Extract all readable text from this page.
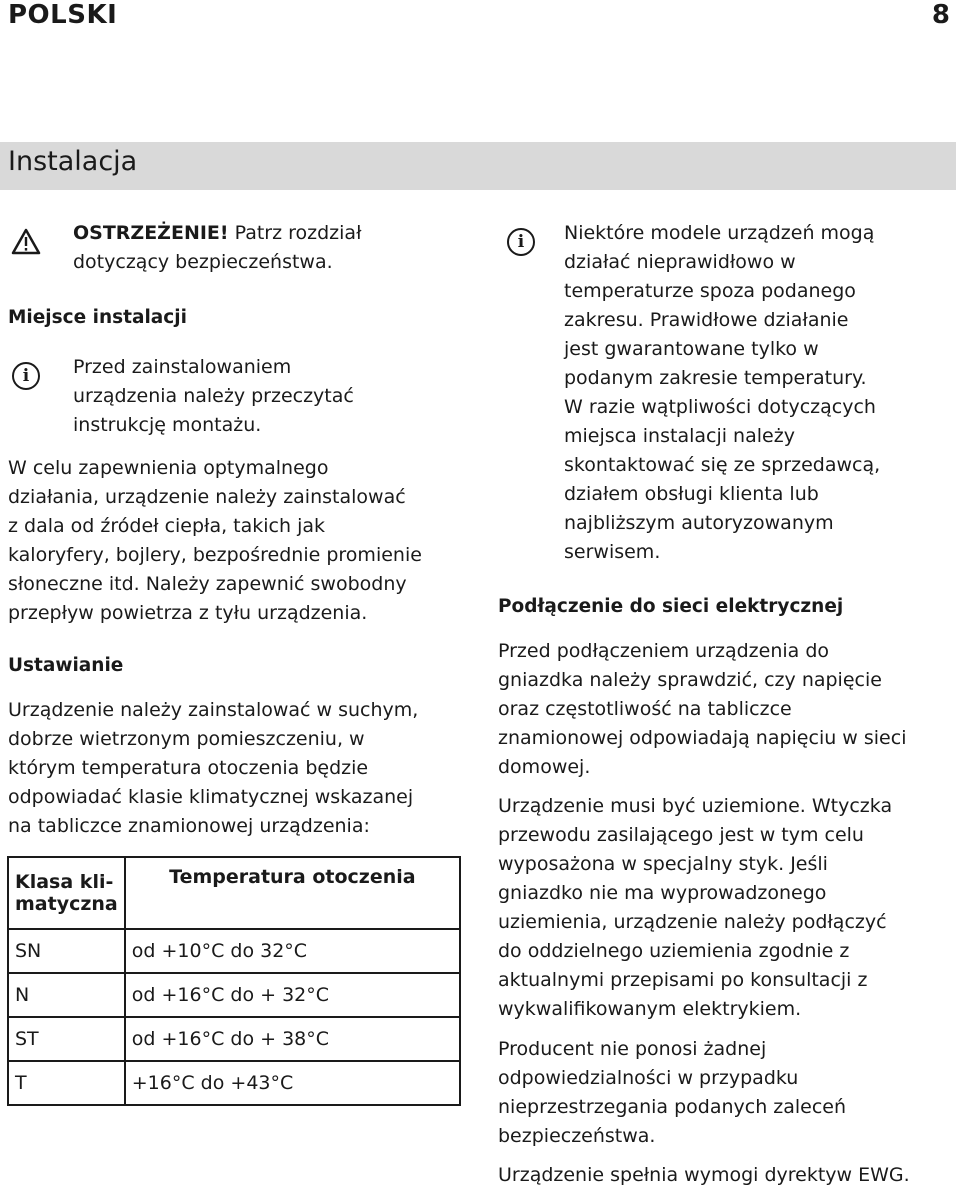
POLSKI	8
Instalacja
OSTRZEŻENIE! Patrz rozdział
dotyczący bezpieczeństwa.
Miejsce instalacji
i	Przed zainstalowaniem
urządzenia należy przeczytać
instrukcję montażu.
W celu zapewnienia optymalnego
działania, urządzenie należy zainstalować
z dala od źródeł ciepła, takich jak
kaloryfery, bojlery, bezpośrednie promienie
słoneczne itd. Należy zapewnić swobodny
przepływ powietrza z tyłu urządzenia.
Ustawianie
Urządzenie należy zainstalować w suchym,
dobrze wietrzonym pomieszczeniu, w
którym temperatura otoczenia będzie
odpowiadać klasie klimatycznej wskazanej
na tabliczce znamionowej urządzenia:
Klasa kli-
matyczna	Temperatura otoczenia
SN	od +10°C do 32°C
N	od +16°C do + 32°C
ST	od +16°C do + 38°C
T	+16°C do +43°C
i	Niektóre modele urządzeń mogą
działać nieprawidłowo w
temperaturze spoza podanego
zakresu. Prawidłowe działanie
jest gwarantowane tylko w
podanym zakresie temperatury.
W razie wątpliwości dotyczących
miejsca instalacji należy
skontaktować się ze sprzedawcą,
działem obsługi klienta lub
najbliższym autoryzowanym
serwisem.
Podłączenie do sieci elektrycznej
Przed podłączeniem urządzenia do
gniazdka należy sprawdzić, czy napięcie
oraz częstotliwość na tabliczce
znamionowej odpowiadają napięciu w sieci
domowej.
Urządzenie musi być uziemione. Wtyczka
przewodu zasilającego jest w tym celu
wyposażona w specjalny styk. Jeśli
gniazdko nie ma wyprowadzonego
uziemienia, urządzenie należy podłączyć
do oddzielnego uziemienia zgodnie z
aktualnymi przepisami po konsultacji z
wykwalifikowanym elektrykiem.
Producent nie ponosi żadnej
odpowiedzialności w przypadku
nieprzestrzegania podanych zaleceń
bezpieczeństwa.
Urządzenie spełnia wymogi dyrektyw EWG.
